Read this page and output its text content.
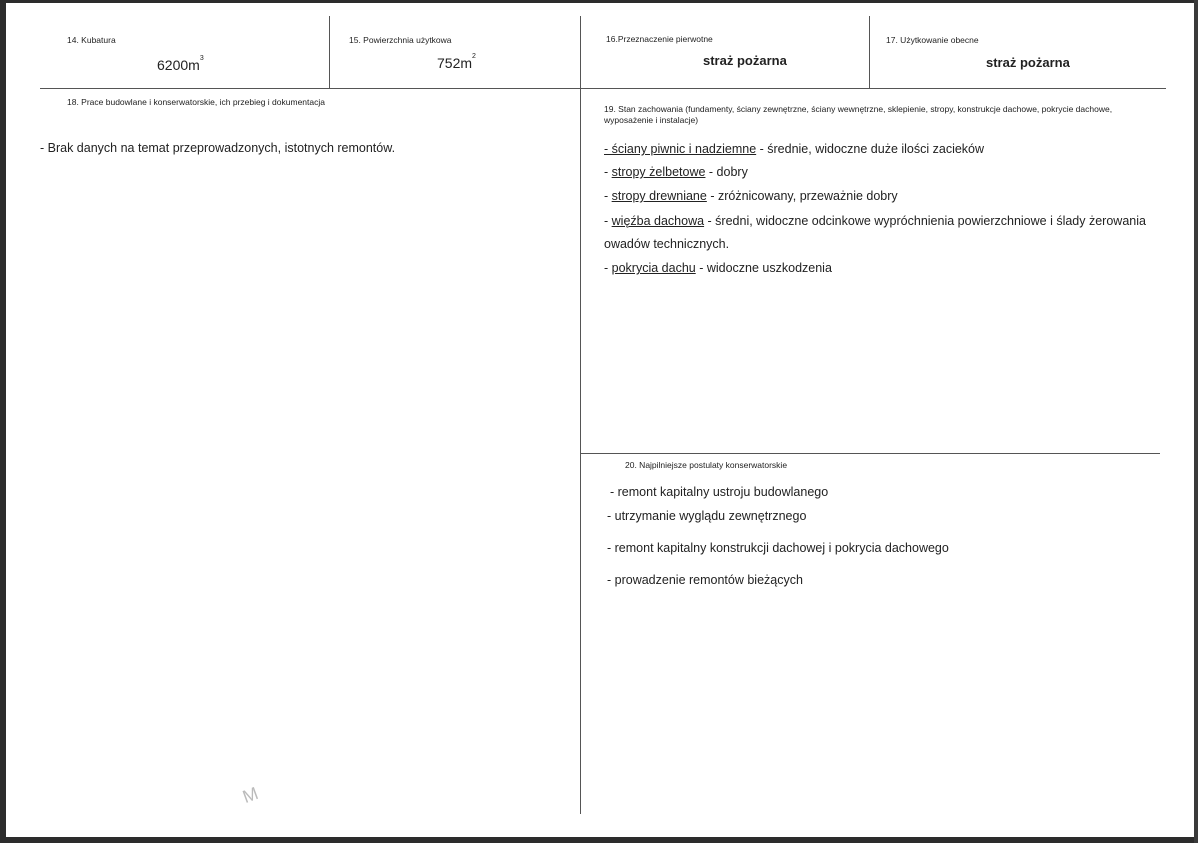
14. Kubatura
$6200m^3$
15. Powierzchnia użytkowa
$752m^2$
16.Przeznaczenie pierwotne
straż pożarna
17. Użytkowanie obecne
straż pożarna
18. Prace budowlane i konserwatorskie, ich przebieg i dokumentacja
- Brak danych na temat przeprowadzonych, istotnych remontów.
19. Stan zachowania (fundamenty, ściany zewnętrzne, ściany wewnętrzne, sklepienie, stropy, konstrukcje dachowe, pokrycie dachowe,
wyposażenie i instalacje)
- ściany piwnic i nadziemne - średnie, widoczne duże ilości zacieków
- stropy żelbetowe - dobry
- stropy drewniane - zróżnicowany, przeważnie dobry
- więźba dachowa - średni, widoczne odcinkowe wypróchnienia powierzchniowe i ślady żerowania
owadów technicznych.
- pokrycia dachu - widoczne uszkodzenia
20. Najpilniejsze postulaty konserwatorskie
- remont kapitalny ustroju budowlanego
- utrzymanie wyglądu zewnętrznego
- remont kapitalny konstrukcji dachowej i pokrycia dachowego
- prowadzenie remontów bieżących
M
